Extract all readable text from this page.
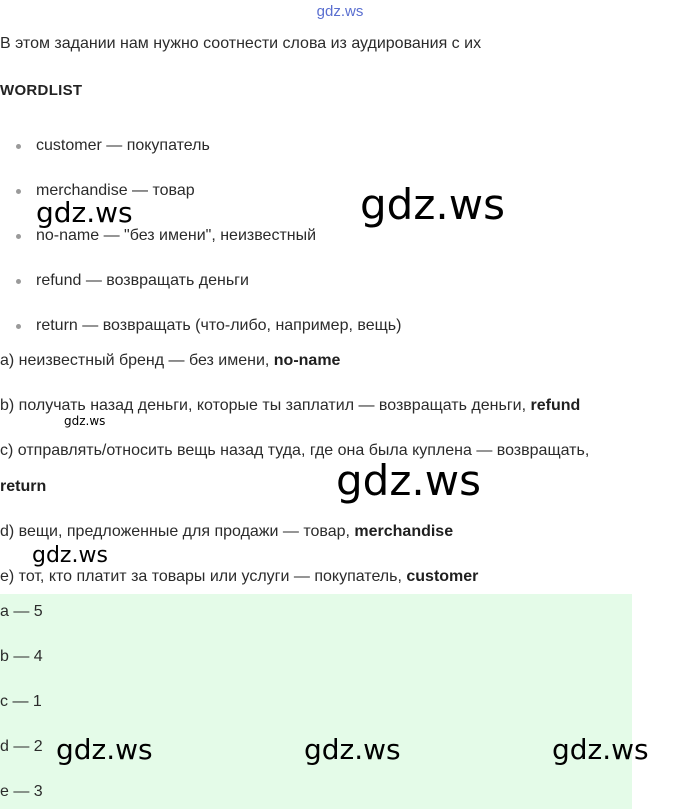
gdz.ws
В этом задании нам нужно соотнести слова из аудирования с их
WORDLIST
customer — покупатель
merchandise — товар
no-name — "без имени", неизвестный
refund — возвращать деньги
return — возвращать (что-либо, например, вещь)
a) неизвестный бренд — без имени, no-name
b) получать назад деньги, которые ты заплатил — возвращать деньги, refund
c) отправлять/относить вещь назад туда, где она была куплена — возвращать,
return
d) вещи, предложенные для продажи — товар, merchandise
e) тот, кто платит за товары или услуги — покупатель, customer
a — 5
b — 4
c — 1
d — 2
e — 3
gdz.ws	gdz.ws
gdz.ws
gdz.ws
gdz.ws
gdz.ws	gdz.ws	gdz.ws
